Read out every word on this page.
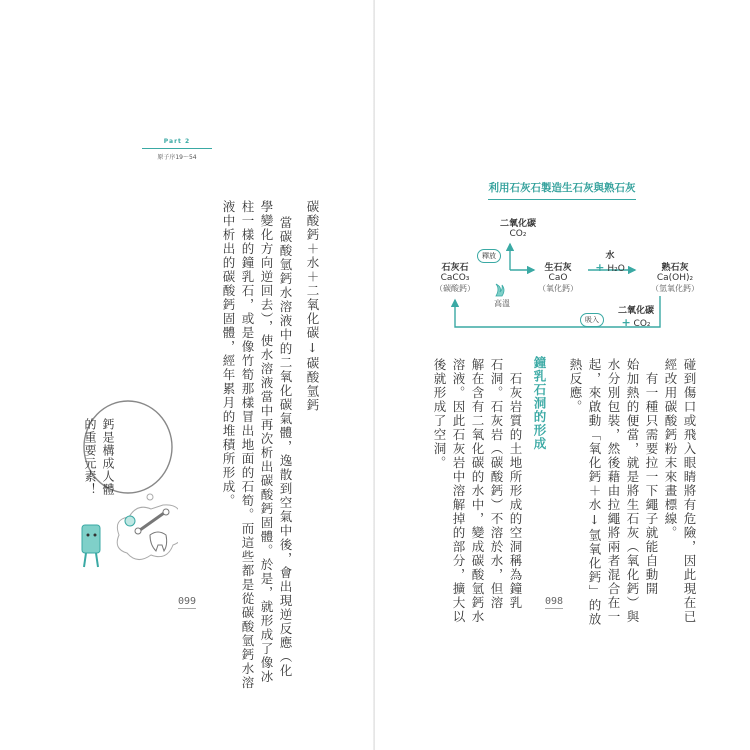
Part 2
原子序19～54
碳酸鈣＋水＋二氧化碳↓碳酸氫鈣
當碳酸氫鈣水溶液中的二氧化碳氣體，逸散到空氣中後，會出現逆反應（化
學變化方向逆回去），使水溶液當中再次析出碳酸鈣固體。於是，就形成了像冰
柱一樣的鐘乳石，或是像竹筍那樣冒出地面的石筍。而這些都是從碳酸氫鈣水溶
液中析出的碳酸鈣固體，經年累月的堆積所形成。
鈣是構成人體
的重要元素！
099
利用石灰石製造生石灰與熟石灰
二氧化碳
CO₂
釋放
高溫
石灰石
CaCO₃
（碳酸鈣）
生石灰
CaO
（氧化鈣）
水
+ H₂O	熟石灰
Ca(OH)₂
（氫氧化鈣）
吸入
二氧化碳
+ CO₂
碰到傷口或飛入眼睛將有危險，因此現在已
經改用碳酸鈣粉末來畫標線。
有一種只需要拉一下繩子就能自動開
始加熱的便當，就是將生石灰（氧化鈣）與
水分別包裝，然後藉由拉繩將兩者混合在一
起，來啟動「氧化鈣＋水↓氫氧化鈣」的放
熱反應。
鐘乳石洞的形成
石灰岩質的土地所形成的空洞稱為鐘乳
石洞。石灰岩（碳酸鈣）不溶於水，但溶
解在含有二氧化碳的水中，變成碳酸氫鈣水
溶液。因此石灰岩中溶解掉的部分，擴大以
後就形成了空洞。
098
